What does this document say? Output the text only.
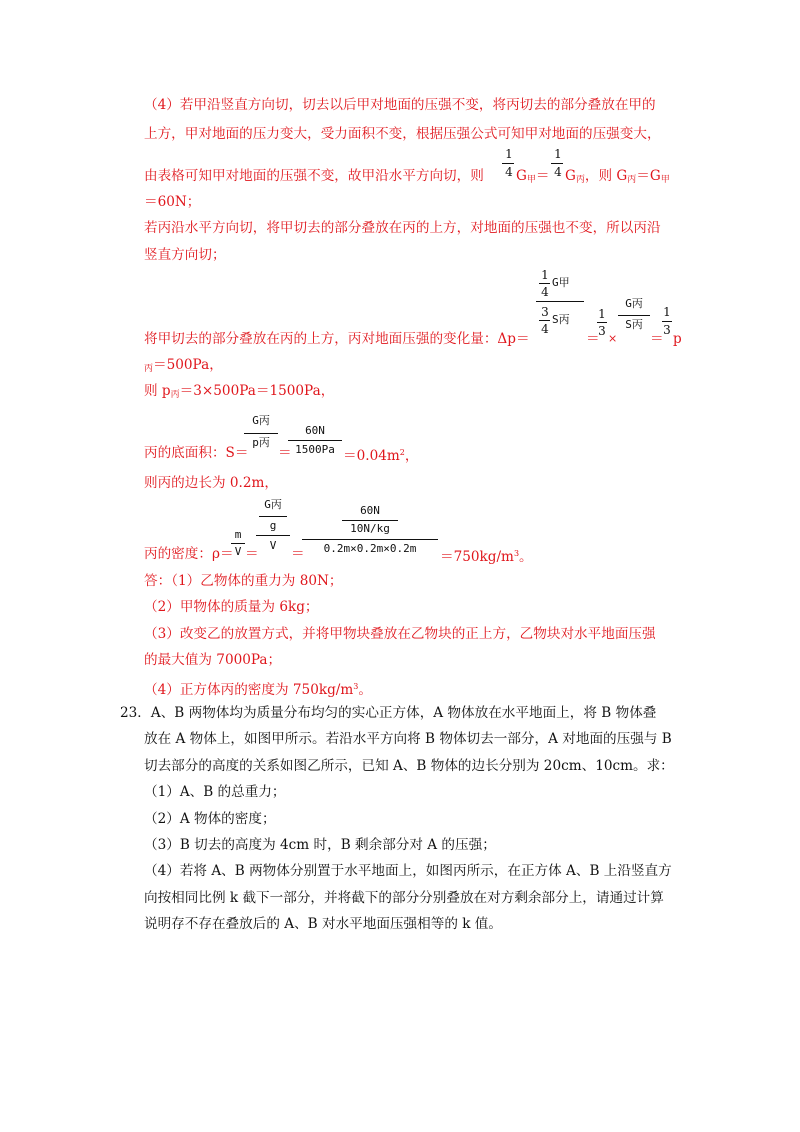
（4）若甲沿竖直方向切，切去以后甲对地面的压强不变，将丙切去的部分叠放在甲的
上方，甲对地面的压力变大，受力面积不变，根据压强公式可知甲对地面的压强变大，
由表格可知甲对地面的压强不变，故甲沿水平方向切，则
1
4 $G_甲=$
1
4 $G_丙$，则 $G_丙=G_甲$
＝60N；
若丙沿水平方向切，将甲切去的部分叠放在丙的上方，对地面的压强也不变，所以丙沿
竖直方向切；
将甲切去的部分叠放在丙的上方，丙对地面压强的变化量：Δp＝
1
4
G甲
3
4
S丙
＝
1
3
×
G丙
S丙
＝
1
3
p
$_丙$＝500Pa，
则 $p_丙=3\times 500Pa=1500Pa$，
丙的底面积：S＝
G丙
p丙
＝
60N
$1500Pa =0.04m^2$，
则丙的边长为 0.2m，
丙的密度：ρ＝
m
V ＝
G丙
g
V
＝
60N
10N/kg
0.2m×0.2m×0.2m
$=750kg/m^3$。
答：（1）乙物体的重力为 80N；
（2）甲物体的质量为 6kg；
（3）改变乙的放置方式，并将甲物块叠放在乙物块的正上方，乙物块对水平地面压强
的最大值为 7000Pa；
（4）正方体丙的密度为 $750kg/m^3$。
23．A、B 两物体均为质量分布均匀的实心正方体，A 物体放在水平地面上，将 B 物体叠
放在 A 物体上，如图甲所示。若沿水平方向将 B 物体切去一部分，A 对地面的压强与 B
切去部分的高度的关系如图乙所示，已知 A、B 物体的边长分别为 20cm、10cm。求：
（1）A、B 的总重力；
（2）A 物体的密度；
（3）B 切去的高度为 4cm 时，B 剩余部分对 A 的压强；
（4）若将 A、B 两物体分别置于水平地面上，如图丙所示，在正方体 A、B 上沿竖直方
向按相同比例 k 截下一部分，并将截下的部分分别叠放在对方剩余部分上，请通过计算
说明存不存在叠放后的 A、B 对水平地面压强相等的 k 值。
